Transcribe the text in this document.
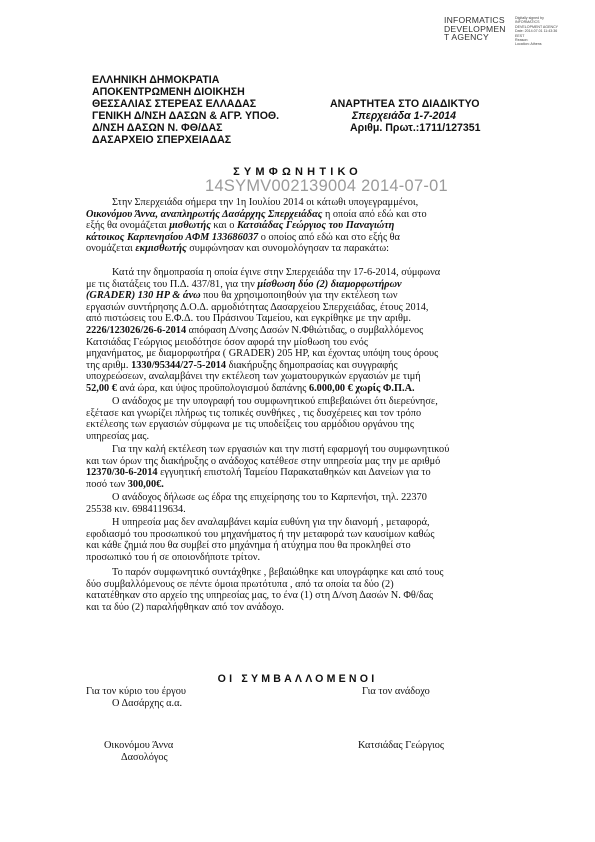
INFORMATICS
DEVELOPMEN
T AGENCY
Digitally signed by
INFORMATICS
DEVELOPMENT AGENCY
Date: 2014.07.01 11:43:36
EEST
Reason:
Location: Athens
ΕΛΛΗΝΙΚΗ ΔΗΜΟΚΡΑΤΙΑ
ΑΠΟΚΕΝΤΡΩΜΕΝΗ ΔΙΟΙΚΗΣΗ
ΘΕΣΣΑΛΙΑΣ ΣΤΕΡΕΑΣ ΕΛΛΑΔΑΣ
ΓΕΝΙΚΗ Δ/ΝΣΗ ΔΑΣΩΝ & ΑΓΡ. ΥΠΟΘ.
Δ/ΝΣΗ ΔΑΣΩΝ Ν. ΦΘ/ΔΑΣ
ΔΑΣΑΡΧΕΙΟ ΣΠΕΡΧΕΙΑΔΑΣ
ΑΝΑΡΤΗΤΕΑ ΣΤΟ ΔΙΑΔΙΚΤΥΟ
Σπερχειάδα 1-7-2014
Αριθμ. Πρωτ.:1711/127351
ΣΥΜΦΩΝΗΤΙΚΟ
14SYMV002139004 2014-07-01
Στην Σπερχειάδα σήμερα την 1η Ιουλίου 2014 οι κάτωθι υπογεγραμμένοι,
Οικονόμου Άννα, αναπληρωτής Δασάρχης Σπερχειάδας η οποία από εδώ και στο
εξής θα ονομάζεται μισθωτής και ο Κατσιάδας Γεώργιος του Παναγιώτη
κάτοικος Καρπενησίου ΑΦΜ 133686037 ο οποίος από εδώ και στο εξής θα
ονομάζεται εκμισθωτής συμφώνησαν και συνομολόγησαν τα παρακάτω:
Κατά την δημοπρασία η οποία έγινε στην Σπερχειάδα την 17-6-2014, σύμφωνα
με τις διατάξεις του Π.Δ. 437/81, για την μίσθωση δύο (2) διαμορφωτήρων
(GRADER) 130 HP & άνω που θα χρησιμοποιηθούν για την εκτέλεση των
εργασιών συντήρησης Δ.Ο.Δ. αρμοδιότητας Δασαρχείου Σπερχειάδας, έτους 2014,
από πιστώσεις του Ε.Φ.Δ. του Πράσινου Ταμείου, και εγκρίθηκε με την αριθμ.
2226/123026/26-6-2014 απόφαση Δ/νσης Δασών Ν.Φθιώτιδας, ο συμβαλλόμενος
Κατσιάδας Γεώργιος μειοδότησε όσον αφορά την μίσθωση του ενός
μηχανήματος, με διαμορφωτήρα ( GRADER) 205 HP, και έχοντας υπόψη τους όρους
της αριθμ. 1330/95344/27-5-2014 διακήρυξης δημοπρασίας και συγγραφής
υποχρεώσεων, αναλαμβάνει την εκτέλεση των χωματουργικών εργασιών με τιμή
52,00 € ανά ώρα, και ύψος προϋπολογισμού δαπάνης 6.000,00 € χωρίς Φ.Π.Α.
Ο ανάδοχος με την υπογραφή του συμφωνητικού επιβεβαιώνει ότι διερεύνησε,
εξέτασε και γνωρίζει πλήρως τις τοπικές συνθήκες , τις δυσχέρειες και τον τρόπο
εκτέλεσης των εργασιών σύμφωνα με τις υποδείξεις του αρμόδιου οργάνου της
υπηρεσίας μας.
Για την καλή εκτέλεση των εργασιών και την πιστή εφαρμογή του συμφωνητικού
και των όρων της διακήρυξης ο ανάδοχος κατέθεσε στην υπηρεσία μας την με αριθμό
12370/30-6-2014 εγγυητική επιστολή Ταμείου Παρακαταθηκών και Δανείων για το
ποσό των 300,00€.
Ο ανάδοχος δήλωσε ως έδρα της επιχείρησης του το Καρπενήσι, τηλ. 22370
25538 κιν. 6984119634.
Η υπηρεσία μας δεν αναλαμβάνει καμία ευθύνη για την διανομή , μεταφορά,
εφοδιασμό του προσωπικού του μηχανήματος ή την μεταφορά των καυσίμων καθώς
και κάθε ζημιά που θα συμβεί στο μηχάνημα ή ατύχημα που θα προκληθεί στο
προσωπικό του ή σε οποιονδήποτε τρίτον.
Το παρόν συμφωνητικό συντάχθηκε , βεβαιώθηκε και υπογράφηκε και από τους
δύο συμβαλλόμενους σε πέντε όμοια πρωτότυπα , από τα οποία τα δύο (2)
κατατέθηκαν στο αρχείο της υπηρεσίας μας, το ένα (1) στη Δ/νση Δασών Ν. Φθ/δας
και τα δύο (2) παραλήφθηκαν από τον ανάδοχο.
ΟΙ ΣΥΜΒΑΛΛΟΜΕΝΟΙ
Για τον κύριο του έργου	Για τον ανάδοχο
Ο Δασάρχης α.α.
Οικονόμου Άννα	Κατσιάδας Γεώργιος
Δασολόγος
